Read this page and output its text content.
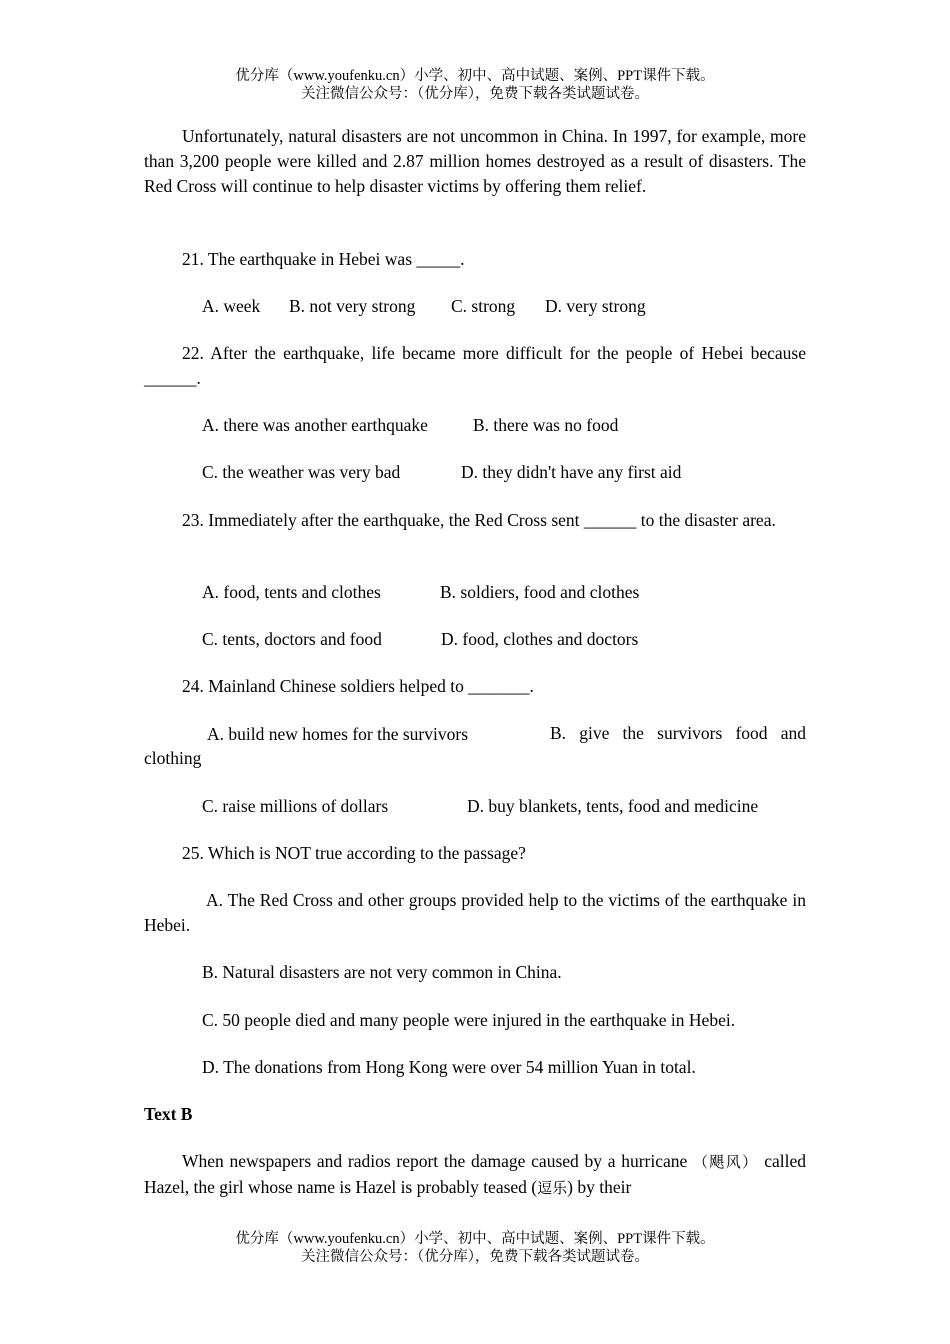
优分库（www.youfenku.cn）小学、初中、高中试题、案例、PPT课件下载。
关注微信公众号：（优分库），免费下载各类试题试卷。
Unfortunately, natural disasters are not uncommon in China. In 1997, for example, more than 3,200 people were killed and 2.87 million homes destroyed as a result of disasters. The Red Cross will continue to help disaster victims by offering them relief.
21. The earthquake in Hebei was _____.
A. week B. not very strong C. strong D. very strong
22. After the earthquake, life became more difficult for the people of Hebei because ______.
A. there was another earthquake	B. there was no food
C. the weather was very bad	D. they didn't have any first aid
23. Immediately after the earthquake, the Red Cross sent ______ to the disaster area.
A. food, tents and clothes	B. soldiers, food and clothes
C. tents, doctors and food	D. food, clothes and doctors
24. Mainland Chinese soldiers helped to _______.
A. build new homes for the survivors	B. give the survivors food and clothing
C. raise millions of dollars	D. buy blankets, tents, food and medicine
25. Which is NOT true according to the passage?
A. The Red Cross and other groups provided help to the victims of the earthquake in Hebei.
B. Natural disasters are not very common in China.
C. 50 people died and many people were injured in the earthquake in Hebei.
D. The donations from Hong Kong were over 54 million Yuan in total.
Text B
When newspapers and radios report the damage caused by a hurricane （飓风） called Hazel, the girl whose name is Hazel is probably teased (逗乐) by their
优分库（www.youfenku.cn）小学、初中、高中试题、案例、PPT课件下载。
关注微信公众号：（优分库），免费下载各类试题试卷。
